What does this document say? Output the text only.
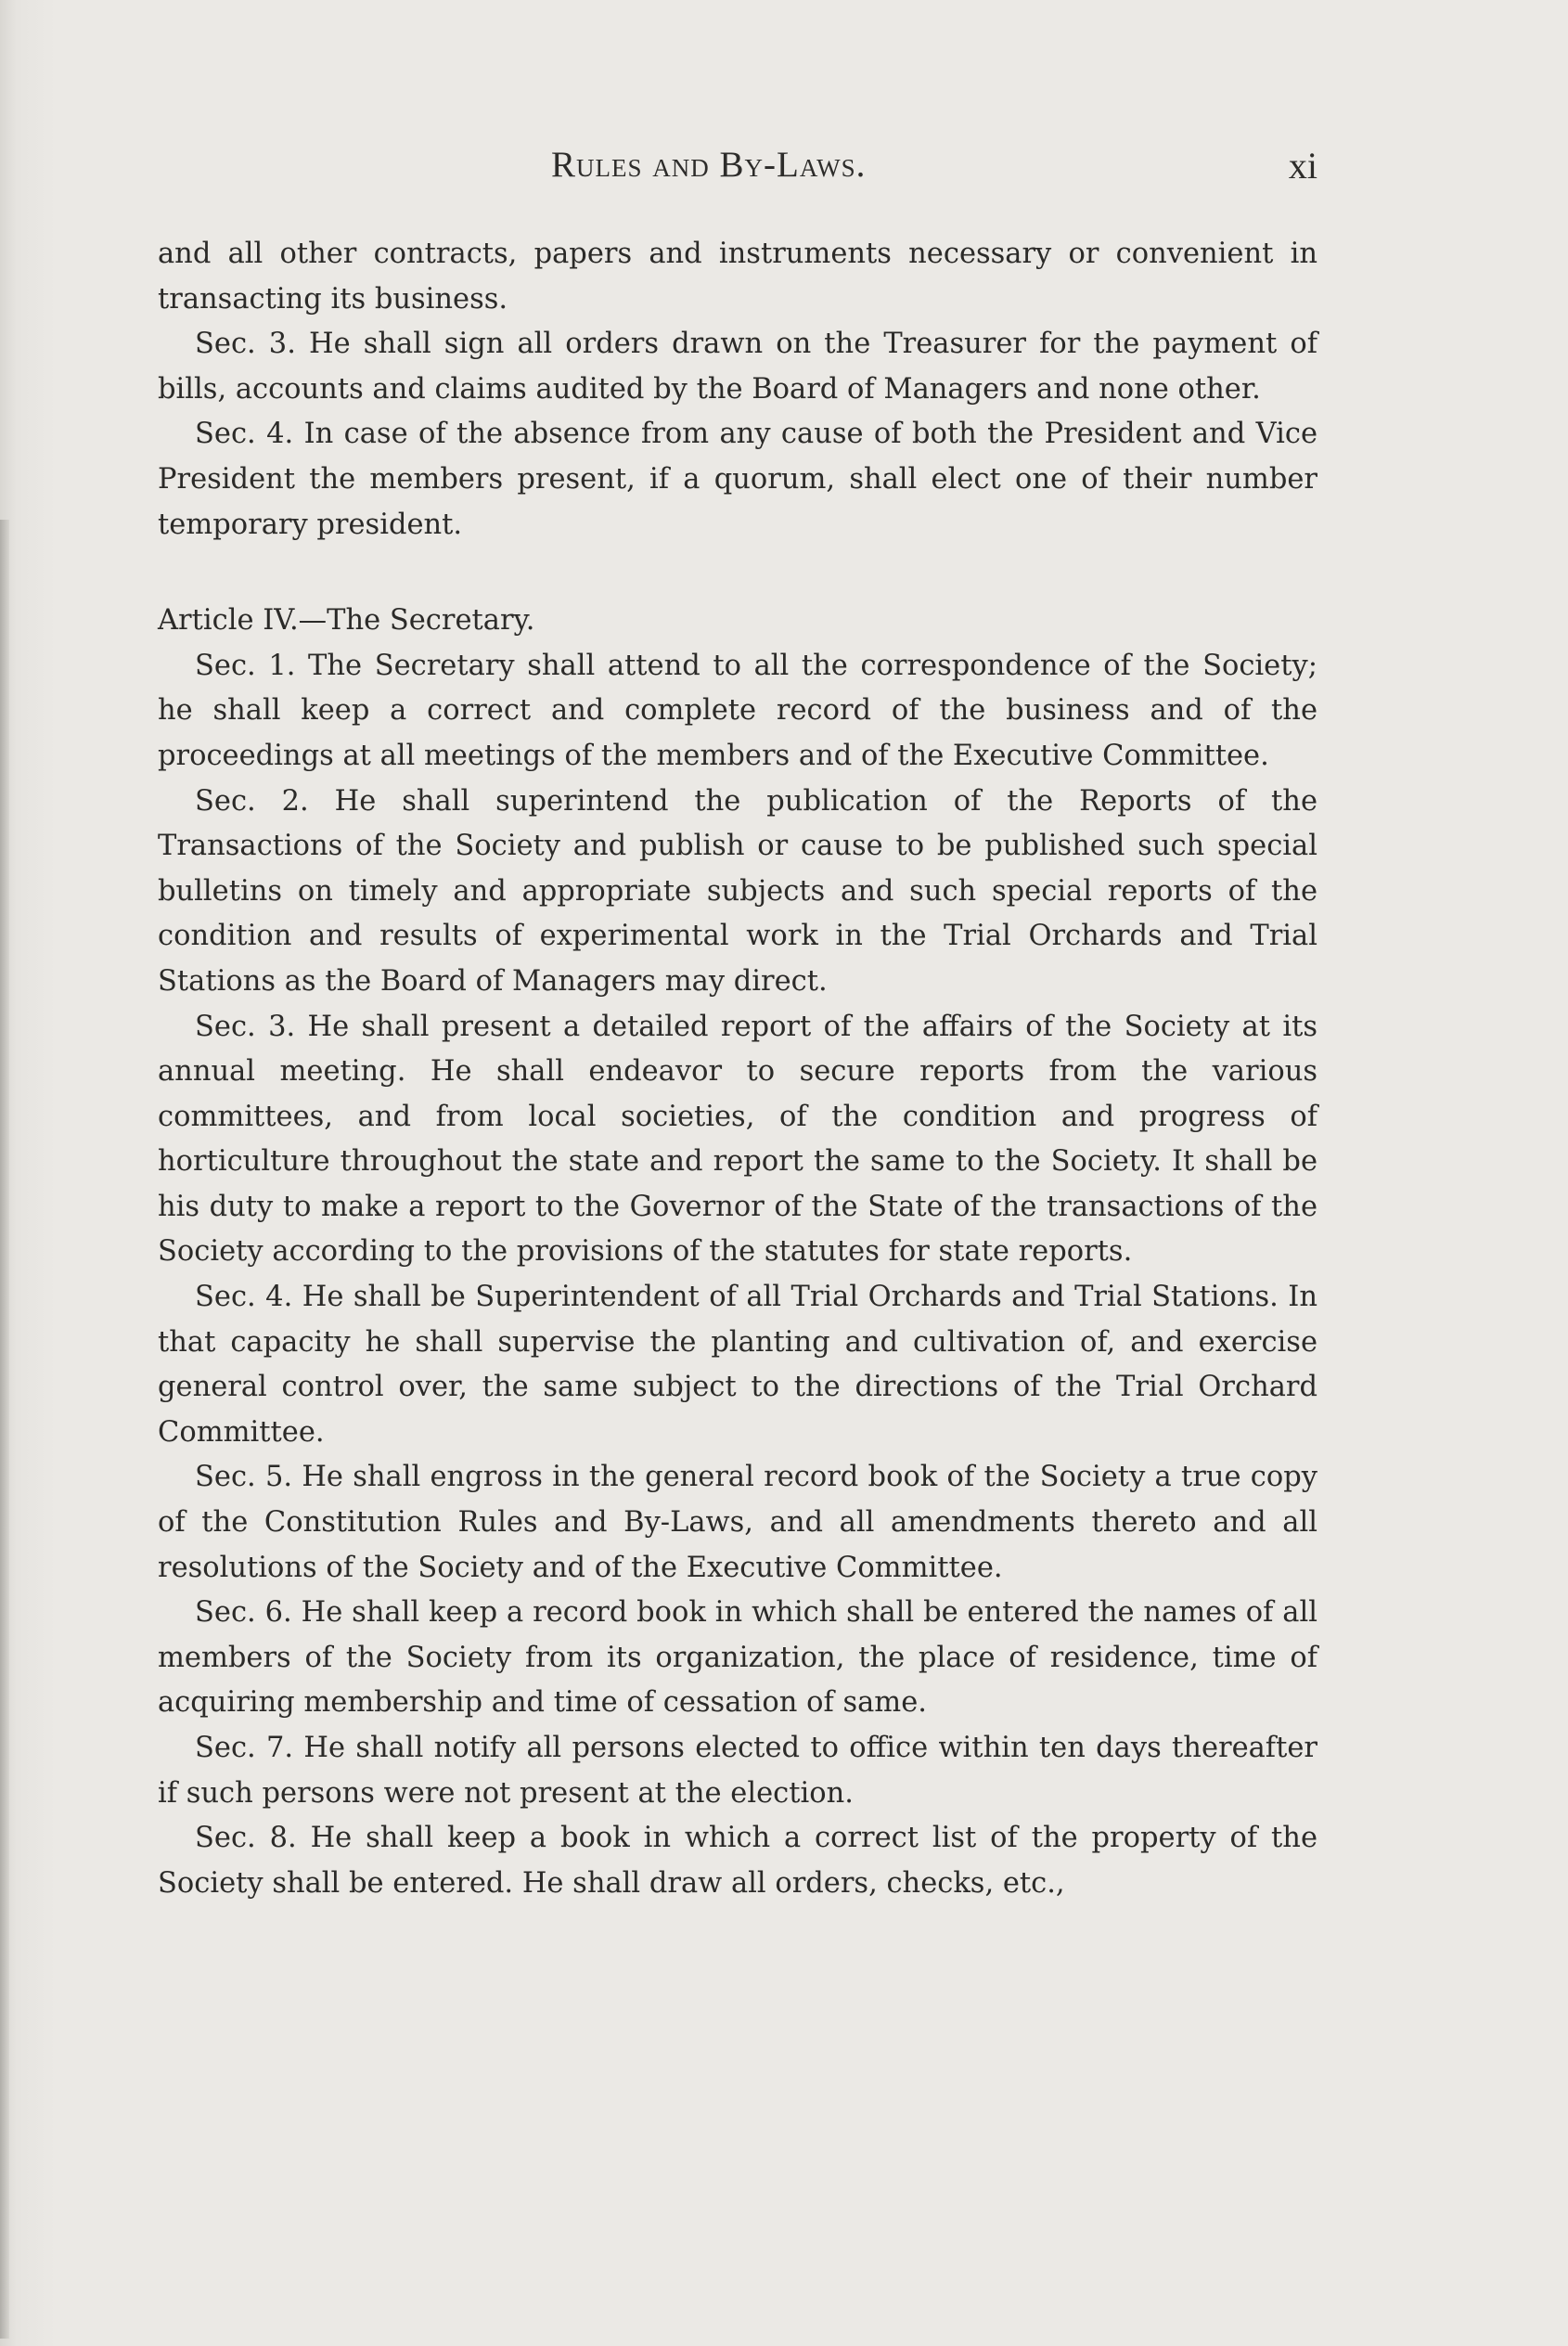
Rules and By-Laws.	xi

and all other contracts, papers and instruments necessary or convenient in transacting its business.

Sec. 3. He shall sign all orders drawn on the Treasurer for the payment of bills, accounts and claims audited by the Board of Managers and none other.

Sec. 4. In case of the absence from any cause of both the President and Vice President the members present, if a quorum, shall elect one of their number temporary president.

Article IV.—The Secretary.

Sec. 1. The Secretary shall attend to all the correspondence of the Society; he shall keep a correct and complete record of the business and of the proceedings at all meetings of the members and of the Executive Committee.

Sec. 2. He shall superintend the publication of the Reports of the Transactions of the Society and publish or cause to be published such special bulletins on timely and appropriate subjects and such special reports of the condition and results of experimental work in the Trial Orchards and Trial Stations as the Board of Managers may direct.

Sec. 3. He shall present a detailed report of the affairs of the Society at its annual meeting. He shall endeavor to secure reports from the various committees, and from local societies, of the condition and progress of horticulture throughout the state and report the same to the Society. It shall be his duty to make a report to the Governor of the State of the transactions of the Society according to the provisions of the statutes for state reports.

Sec. 4. He shall be Superintendent of all Trial Orchards and Trial Stations. In that capacity he shall supervise the planting and cultivation of, and exercise general control over, the same subject to the directions of the Trial Orchard Committee.

Sec. 5. He shall engross in the general record book of the Society a true copy of the Constitution Rules and By-Laws, and all amendments thereto and all resolutions of the Society and of the Executive Committee.

Sec. 6. He shall keep a record book in which shall be entered the names of all members of the Society from its organization, the place of residence, time of acquiring membership and time of cessation of same.

Sec. 7. He shall notify all persons elected to office within ten days thereafter if such persons were not present at the election.

Sec. 8. He shall keep a book in which a correct list of the property of the Society shall be entered. He shall draw all orders, checks, etc.,
